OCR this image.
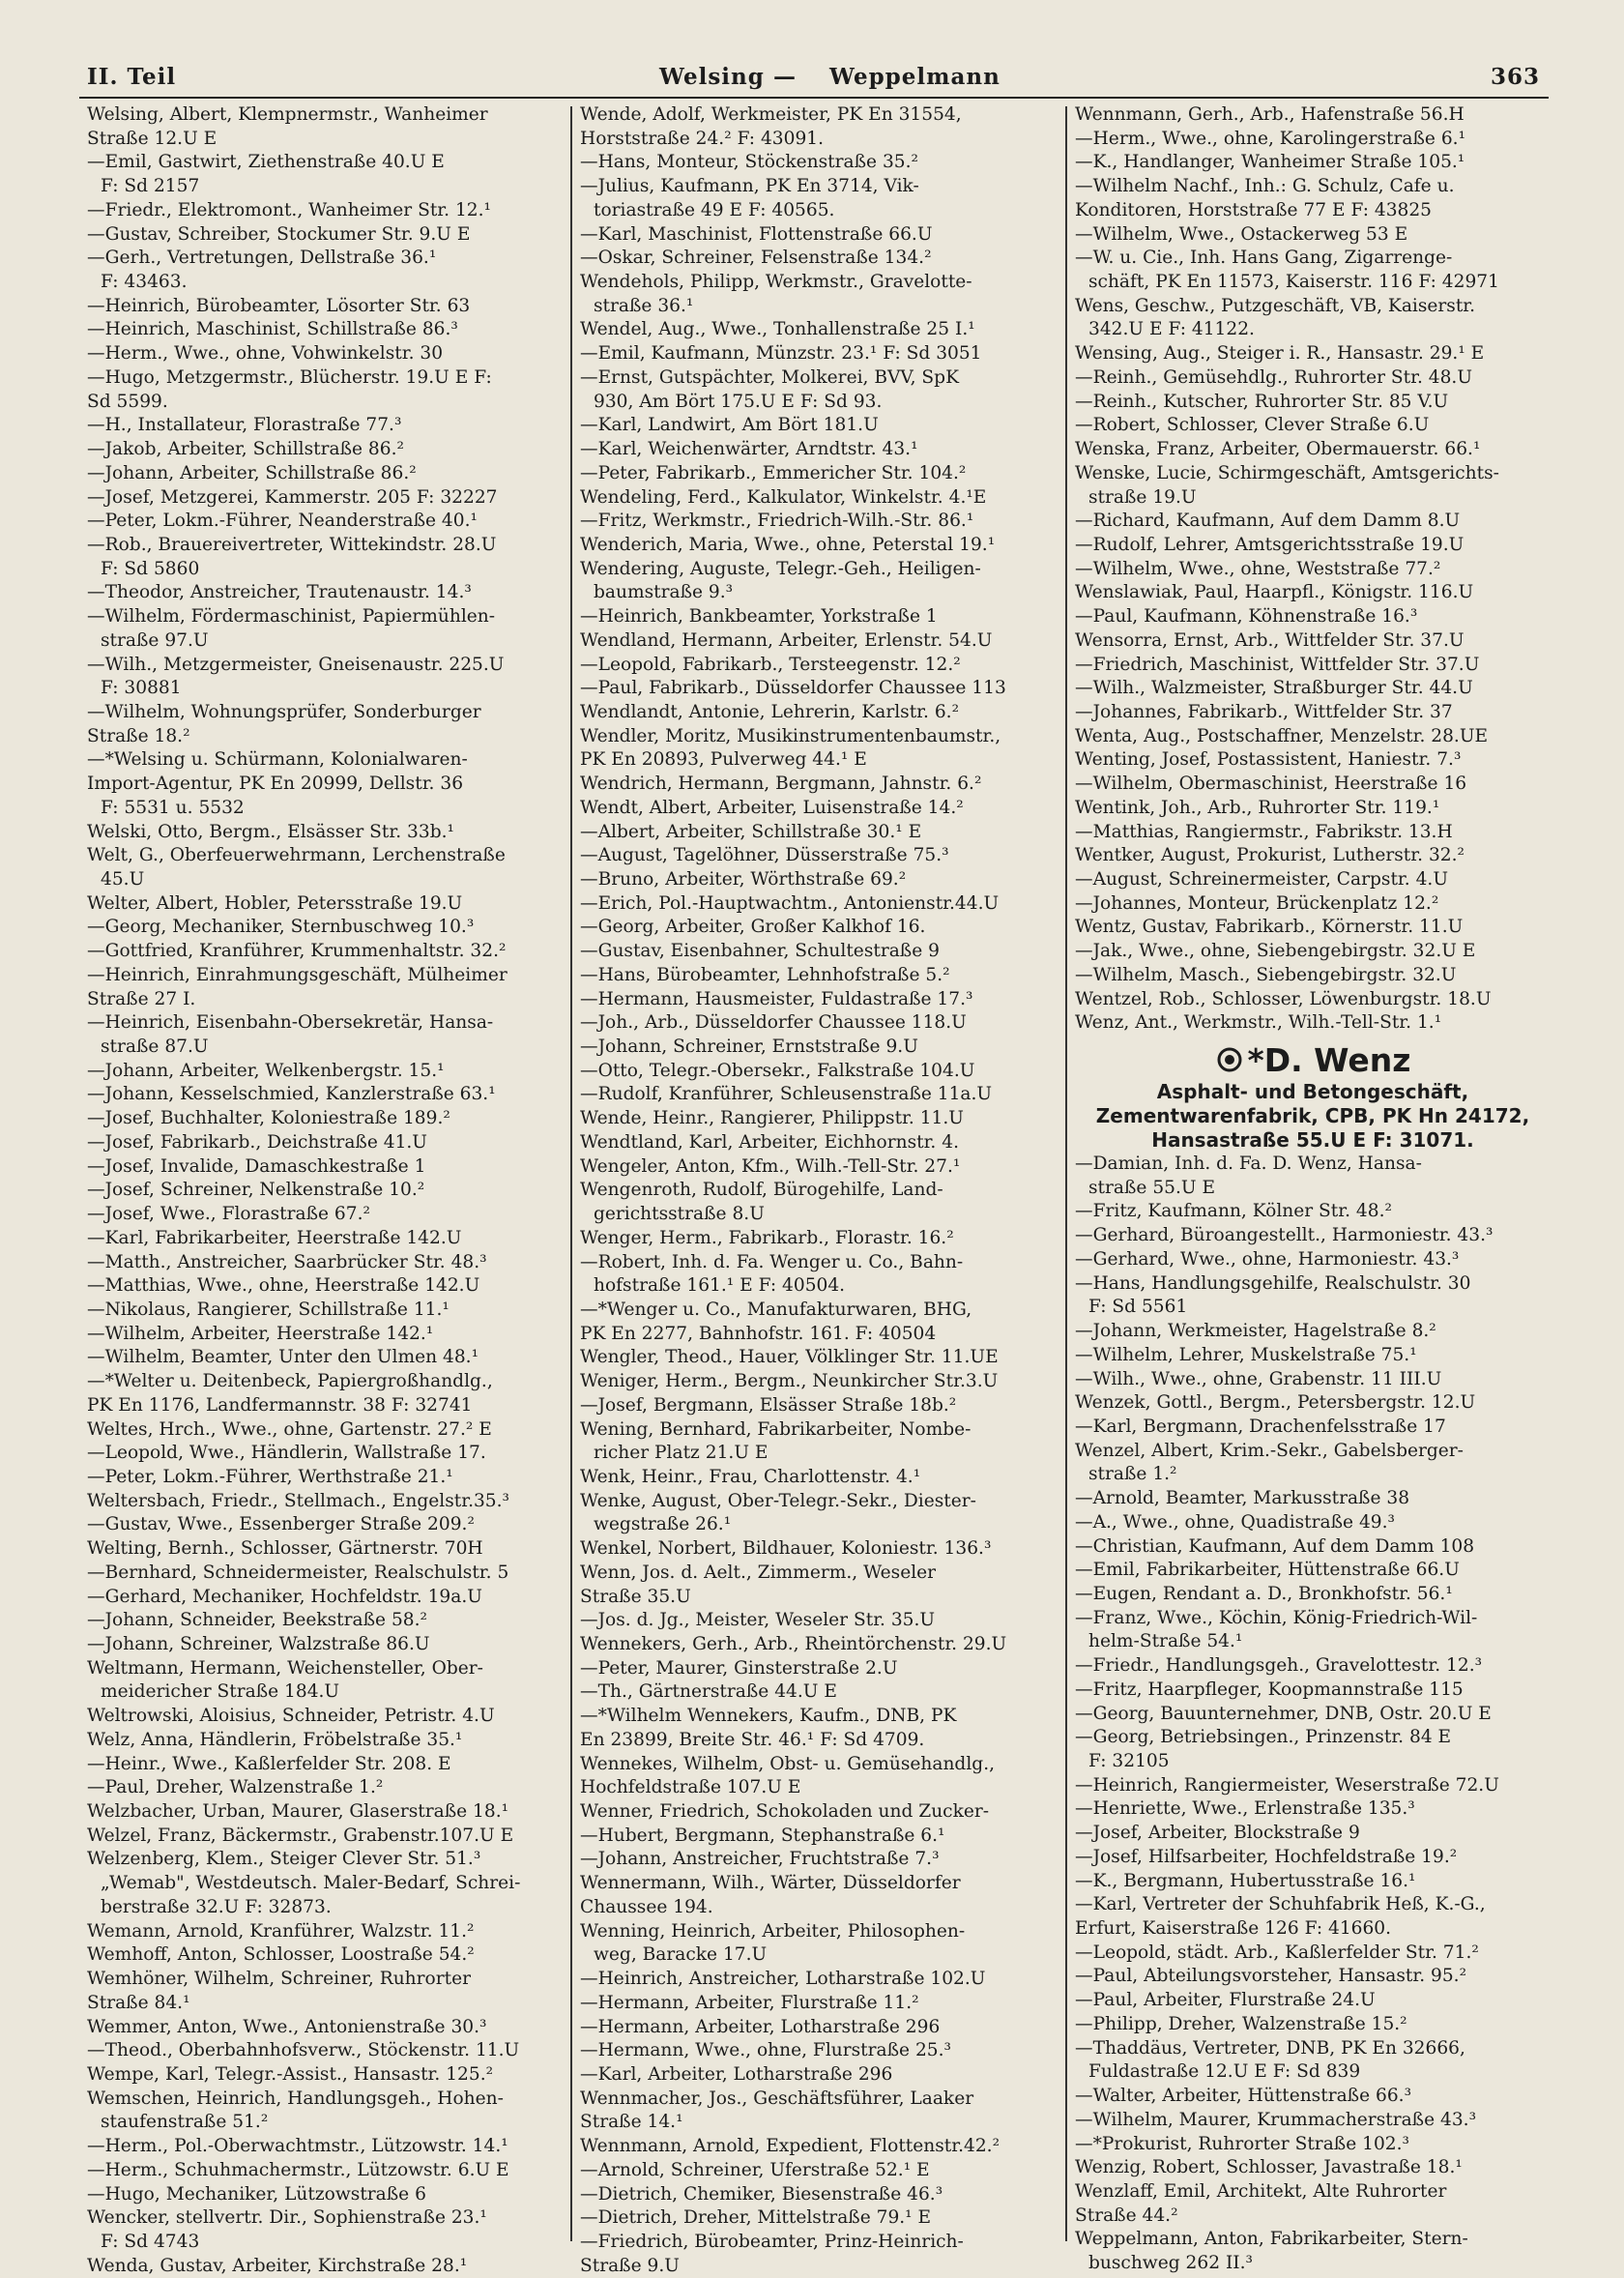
II. Teil	Welsing — Weppelmann	363
Welsing, Albert, Klempnermstr., Wanheimer
Straße 12.U E
—Emil, Gastwirt, Ziethenstraße 40.U E
F: Sd 2157
—Friedr., Elektromont., Wanheimer Str. 12.¹
—Gustav, Schreiber, Stockumer Str. 9.U E
—Gerh., Vertretungen, Dellstraße 36.¹
F: 43463.
—Heinrich, Bürobeamter, Lösorter Str. 63
—Heinrich, Maschinist, Schillstraße 86.³
—Herm., Wwe., ohne, Vohwinkelstr. 30
—Hugo, Metzgermstr., Blücherstr. 19.U E F:
Sd 5599.
—H., Installateur, Florastraße 77.³
—Jakob, Arbeiter, Schillstraße 86.²
—Johann, Arbeiter, Schillstraße 86.²
—Josef, Metzgerei, Kammerstr. 205 F: 32227
—Peter, Lokm.-Führer, Neanderstraße 40.¹
—Rob., Brauereivertreter, Wittekindstr. 28.U
F: Sd 5860
—Theodor, Anstreicher, Trautenaustr. 14.³
—Wilhelm, Fördermaschinist, Papiermühlen-
straße 97.U
—Wilh., Metzgermeister, Gneisenaustr. 225.U
F: 30881
—Wilhelm, Wohnungsprüfer, Sonderburger
Straße 18.²
—*Welsing u. Schürmann, Kolonialwaren-
Import-Agentur, PK En 20999, Dellstr. 36
F: 5531 u. 5532
Welski, Otto, Bergm., Elsässer Str. 33b.¹
Welt, G., Oberfeuerwehrmann, Lerchenstraße
45.U
Welter, Albert, Hobler, Petersstraße 19.U
—Georg, Mechaniker, Sternbuschweg 10.³
—Gottfried, Kranführer, Krummenhaltstr. 32.²
—Heinrich, Einrahmungsgeschäft, Mülheimer
Straße 27 I.
—Heinrich, Eisenbahn-Obersekretär, Hansa-
straße 87.U
—Johann, Arbeiter, Welkenbergstr. 15.¹
—Johann, Kesselschmied, Kanzlerstraße 63.¹
—Josef, Buchhalter, Koloniestraße 189.²
—Josef, Fabrikarb., Deichstraße 41.U
—Josef, Invalide, Damaschkestraße 1
—Josef, Schreiner, Nelkenstraße 10.²
—Josef, Wwe., Florastraße 67.²
—Karl, Fabrikarbeiter, Heerstraße 142.U
—Matth., Anstreicher, Saarbrücker Str. 48.³
—Matthias, Wwe., ohne, Heerstraße 142.U
—Nikolaus, Rangierer, Schillstraße 11.¹
—Wilhelm, Arbeiter, Heerstraße 142.¹
—Wilhelm, Beamter, Unter den Ulmen 48.¹
—*Welter u. Deitenbeck, Papiergroßhandlg.,
PK En 1176, Landfermannstr. 38 F: 32741
Weltes, Hrch., Wwe., ohne, Gartenstr. 27.² E
—Leopold, Wwe., Händlerin, Wallstraße 17.
—Peter, Lokm.-Führer, Werthstraße 21.¹
Weltersbach, Friedr., Stellmach., Engelstr.35.³
—Gustav, Wwe., Essenberger Straße 209.²
Welting, Bernh., Schlosser, Gärtnerstr. 70H
—Bernhard, Schneidermeister, Realschulstr. 5
—Gerhard, Mechaniker, Hochfeldstr. 19a.U
—Johann, Schneider, Beekstraße 58.²
—Johann, Schreiner, Walzstraße 86.U
Weltmann, Hermann, Weichensteller, Ober-
meidericher Straße 184.U
Weltrowski, Aloisius, Schneider, Petristr. 4.U
Welz, Anna, Händlerin, Fröbelstraße 35.¹
—Heinr., Wwe., Kaßlerfelder Str. 208. E
—Paul, Dreher, Walzenstraße 1.²
Welzbacher, Urban, Maurer, Glaserstraße 18.¹
Welzel, Franz, Bäckermstr., Grabenstr.107.U E
Welzenberg, Klem., Steiger Clever Str. 51.³
„Wemab", Westdeutsch. Maler-Bedarf, Schrei-
berstraße 32.U F: 32873.
Wemann, Arnold, Kranführer, Walzstr. 11.²
Wemhoff, Anton, Schlosser, Loostraße 54.²
Wemhöner, Wilhelm, Schreiner, Ruhrorter
Straße 84.¹
Wemmer, Anton, Wwe., Antonienstraße 30.³
—Theod., Oberbahnhofsverw., Stöckenstr. 11.U
Wempe, Karl, Telegr.-Assist., Hansastr. 125.²
Wemschen, Heinrich, Handlungsgeh., Hohen-
staufenstraße 51.²
—Herm., Pol.-Oberwachtmstr., Lützowstr. 14.¹
—Herm., Schuhmachermstr., Lützowstr. 6.U E
—Hugo, Mechaniker, Lützowstraße 6
Wencker, stellvertr. Dir., Sophienstraße 23.¹
F: Sd 4743
Wenda, Gustav, Arbeiter, Kirchstraße 28.¹
Wende, Adolf, Werkmeister, PK En 31554,
Horststraße 24.² F: 43091.
—Hans, Monteur, Stöckenstraße 35.²
—Julius, Kaufmann, PK En 3714, Vik-
toriastraße 49 E F: 40565.
—Karl, Maschinist, Flottenstraße 66.U
—Oskar, Schreiner, Felsenstraße 134.²
Wendehols, Philipp, Werkmstr., Gravelotte-
straße 36.¹
Wendel, Aug., Wwe., Tonhallenstraße 25 I.¹
—Emil, Kaufmann, Münzstr. 23.¹ F: Sd 3051
—Ernst, Gutspächter, Molkerei, BVV, SpK
930, Am Bört 175.U E F: Sd 93.
—Karl, Landwirt, Am Bört 181.U
—Karl, Weichenwärter, Arndtstr. 43.¹
—Peter, Fabrikarb., Emmericher Str. 104.²
Wendeling, Ferd., Kalkulator, Winkelstr. 4.¹E
—Fritz, Werkmstr., Friedrich-Wilh.-Str. 86.¹
Wenderich, Maria, Wwe., ohne, Peterstal 19.¹
Wendering, Auguste, Telegr.-Geh., Heiligen-
baumstraße 9.³
—Heinrich, Bankbeamter, Yorkstraße 1
Wendland, Hermann, Arbeiter, Erlenstr. 54.U
—Leopold, Fabrikarb., Tersteegenstr. 12.²
—Paul, Fabrikarb., Düsseldorfer Chaussee 113
Wendlandt, Antonie, Lehrerin, Karlstr. 6.²
Wendler, Moritz, Musikinstrumentenbaumstr.,
PK En 20893, Pulverweg 44.¹ E
Wendrich, Hermann, Bergmann, Jahnstr. 6.²
Wendt, Albert, Arbeiter, Luisenstraße 14.²
—Albert, Arbeiter, Schillstraße 30.¹ E
—August, Tagelöhner, Düsserstraße 75.³
—Bruno, Arbeiter, Wörthstraße 69.²
—Erich, Pol.-Hauptwachtm., Antonienstr.44.U
—Georg, Arbeiter, Großer Kalkhof 16.
—Gustav, Eisenbahner, Schultestraße 9
—Hans, Bürobeamter, Lehnhofstraße 5.²
—Hermann, Hausmeister, Fuldastraße 17.³
—Joh., Arb., Düsseldorfer Chaussee 118.U
—Johann, Schreiner, Ernststraße 9.U
—Otto, Telegr.-Obersekr., Falkstraße 104.U
—Rudolf, Kranführer, Schleusenstraße 11a.U
Wende, Heinr., Rangierer, Philippstr. 11.U
Wendtland, Karl, Arbeiter, Eichhornstr. 4.
Wengeler, Anton, Kfm., Wilh.-Tell-Str. 27.¹
Wengenroth, Rudolf, Bürogehilfe, Land-
gerichtsstraße 8.U
Wenger, Herm., Fabrikarb., Florastr. 16.²
—Robert, Inh. d. Fa. Wenger u. Co., Bahn-
hofstraße 161.¹ E F: 40504.
—*Wenger u. Co., Manufakturwaren, BHG,
PK En 2277, Bahnhofstr. 161. F: 40504
Wengler, Theod., Hauer, Völklinger Str. 11.UE
Weniger, Herm., Bergm., Neunkircher Str.3.U
—Josef, Bergmann, Elsässer Straße 18b.²
Wening, Bernhard, Fabrikarbeiter, Nombe-
richer Platz 21.U E
Wenk, Heinr., Frau, Charlottenstr. 4.¹
Wenke, August, Ober-Telegr.-Sekr., Diester-
wegstraße 26.¹
Wenkel, Norbert, Bildhauer, Koloniestr. 136.³
Wenn, Jos. d. Aelt., Zimmerm., Weseler
Straße 35.U
—Jos. d. Jg., Meister, Weseler Str. 35.U
Wennekers, Gerh., Arb., Rheintörchenstr. 29.U
—Peter, Maurer, Ginsterstraße 2.U
—Th., Gärtnerstraße 44.U E
—*Wilhelm Wennekers, Kaufm., DNB, PK
En 23899, Breite Str. 46.¹ F: Sd 4709.
Wennekes, Wilhelm, Obst- u. Gemüsehandlg.,
Hochfeldstraße 107.U E
Wenner, Friedrich, Schokoladen und Zucker-
—Hubert, Bergmann, Stephanstraße 6.¹
—Johann, Anstreicher, Fruchtstraße 7.³
Wennermann, Wilh., Wärter, Düsseldorfer
Chaussee 194.
Wenning, Heinrich, Arbeiter, Philosophen-
weg, Baracke 17.U
—Heinrich, Anstreicher, Lotharstraße 102.U
—Hermann, Arbeiter, Flurstraße 11.²
—Hermann, Arbeiter, Lotharstraße 296
—Hermann, Wwe., ohne, Flurstraße 25.³
—Karl, Arbeiter, Lotharstraße 296
Wennmacher, Jos., Geschäftsführer, Laaker
Straße 14.¹
Wennmann, Arnold, Expedient, Flottenstr.42.²
—Arnold, Schreiner, Uferstraße 52.¹ E
—Dietrich, Chemiker, Biesenstraße 46.³
—Dietrich, Dreher, Mittelstraße 79.¹ E
—Friedrich, Bürobeamter, Prinz-Heinrich-
Straße 9.U
Wennmann, Gerh., Arb., Hafenstraße 56.H
—Herm., Wwe., ohne, Karolingerstraße 6.¹
—K., Handlanger, Wanheimer Straße 105.¹
—Wilhelm Nachf., Inh.: G. Schulz, Cafe u.
Konditoren, Horststraße 77 E F: 43825
—Wilhelm, Wwe., Ostackerweg 53 E
—W. u. Cie., Inh. Hans Gang, Zigarrenge-
schäft, PK En 11573, Kaiserstr. 116 F: 42971
Wens, Geschw., Putzgeschäft, VB, Kaiserstr.
342.U E F: 41122.
Wensing, Aug., Steiger i. R., Hansastr. 29.¹ E
—Reinh., Gemüsehdlg., Ruhrorter Str. 48.U
—Reinh., Kutscher, Ruhrorter Str. 85 V.U
—Robert, Schlosser, Clever Straße 6.U
Wenska, Franz, Arbeiter, Obermauerstr. 66.¹
Wenske, Lucie, Schirmgeschäft, Amtsgerichts-
straße 19.U
—Richard, Kaufmann, Auf dem Damm 8.U
—Rudolf, Lehrer, Amtsgerichtsstraße 19.U
—Wilhelm, Wwe., ohne, Weststraße 77.²
Wenslawiak, Paul, Haarpfl., Königstr. 116.U
—Paul, Kaufmann, Köhnenstraße 16.³
Wensorra, Ernst, Arb., Wittfelder Str. 37.U
—Friedrich, Maschinist, Wittfelder Str. 37.U
—Wilh., Walzmeister, Straßburger Str. 44.U
—Johannes, Fabrikarb., Wittfelder Str. 37
Wenta, Aug., Postschaffner, Menzelstr. 28.UE
Wenting, Josef, Postassistent, Haniestr. 7.³
—Wilhelm, Obermaschinist, Heerstraße 16
Wentink, Joh., Arb., Ruhrorter Str. 119.¹
—Matthias, Rangiermstr., Fabrikstr. 13.H
Wentker, August, Prokurist, Lutherstr. 32.²
—August, Schreinermeister, Carpstr. 4.U
—Johannes, Monteur, Brückenplatz 12.²
Wentz, Gustav, Fabrikarb., Körnerstr. 11.U
—Jak., Wwe., ohne, Siebengebirgstr. 32.U E
—Wilhelm, Masch., Siebengebirgstr. 32.U
Wentzel, Rob., Schlosser, Löwenburgstr. 18.U
Wenz, Ant., Werkmstr., Wilh.-Tell-Str. 1.¹
*D. Wenz
Asphalt- und Betongeschäft,
Zementwarenfabrik, CPB, PK Hn 24172,
Hansastraße 55.U E F: 31071.
—Damian, Inh. d. Fa. D. Wenz, Hansa-
straße 55.U E
—Fritz, Kaufmann, Kölner Str. 48.²
—Gerhard, Büroangestellt., Harmoniestr. 43.³
—Gerhard, Wwe., ohne, Harmoniestr. 43.³
—Hans, Handlungsgehilfe, Realschulstr. 30
F: Sd 5561
—Johann, Werkmeister, Hagelstraße 8.²
—Wilhelm, Lehrer, Muskelstraße 75.¹
—Wilh., Wwe., ohne, Grabenstr. 11 III.U
Wenzek, Gottl., Bergm., Petersbergstr. 12.U
—Karl, Bergmann, Drachenfelsstraße 17
Wenzel, Albert, Krim.-Sekr., Gabelsberger-
straße 1.²
—Arnold, Beamter, Markusstraße 38
—A., Wwe., ohne, Quadistraße 49.³
—Christian, Kaufmann, Auf dem Damm 108
—Emil, Fabrikarbeiter, Hüttenstraße 66.U
—Eugen, Rendant a. D., Bronkhofstr. 56.¹
—Franz, Wwe., Köchin, König-Friedrich-Wil-
helm-Straße 54.¹
—Friedr., Handlungsgeh., Gravelottestr. 12.³
—Fritz, Haarpfleger, Koopmannstraße 115
—Georg, Bauunternehmer, DNB, Ostr. 20.U E
—Georg, Betriebsingen., Prinzenstr. 84 E
F: 32105
—Heinrich, Rangiermeister, Weserstraße 72.U
—Henriette, Wwe., Erlenstraße 135.³
—Josef, Arbeiter, Blockstraße 9
—Josef, Hilfsarbeiter, Hochfeldstraße 19.²
—K., Bergmann, Hubertusstraße 16.¹
—Karl, Vertreter der Schuhfabrik Heß, K.-G.,
Erfurt, Kaiserstraße 126 F: 41660.
—Leopold, städt. Arb., Kaßlerfelder Str. 71.²
—Paul, Abteilungsvorsteher, Hansastr. 95.²
—Paul, Arbeiter, Flurstraße 24.U
—Philipp, Dreher, Walzenstraße 15.²
—Thaddäus, Vertreter, DNB, PK En 32666,
Fuldastraße 12.U E F: Sd 839
—Walter, Arbeiter, Hüttenstraße 66.³
—Wilhelm, Maurer, Krummacherstraße 43.³
—*Prokurist, Ruhrorter Straße 102.³
Wenzig, Robert, Schlosser, Javastraße 18.¹
Wenzlaff, Emil, Architekt, Alte Ruhrorter
Straße 44.²
Weppelmann, Anton, Fabrikarbeiter, Stern-
buschweg 262 II.³
